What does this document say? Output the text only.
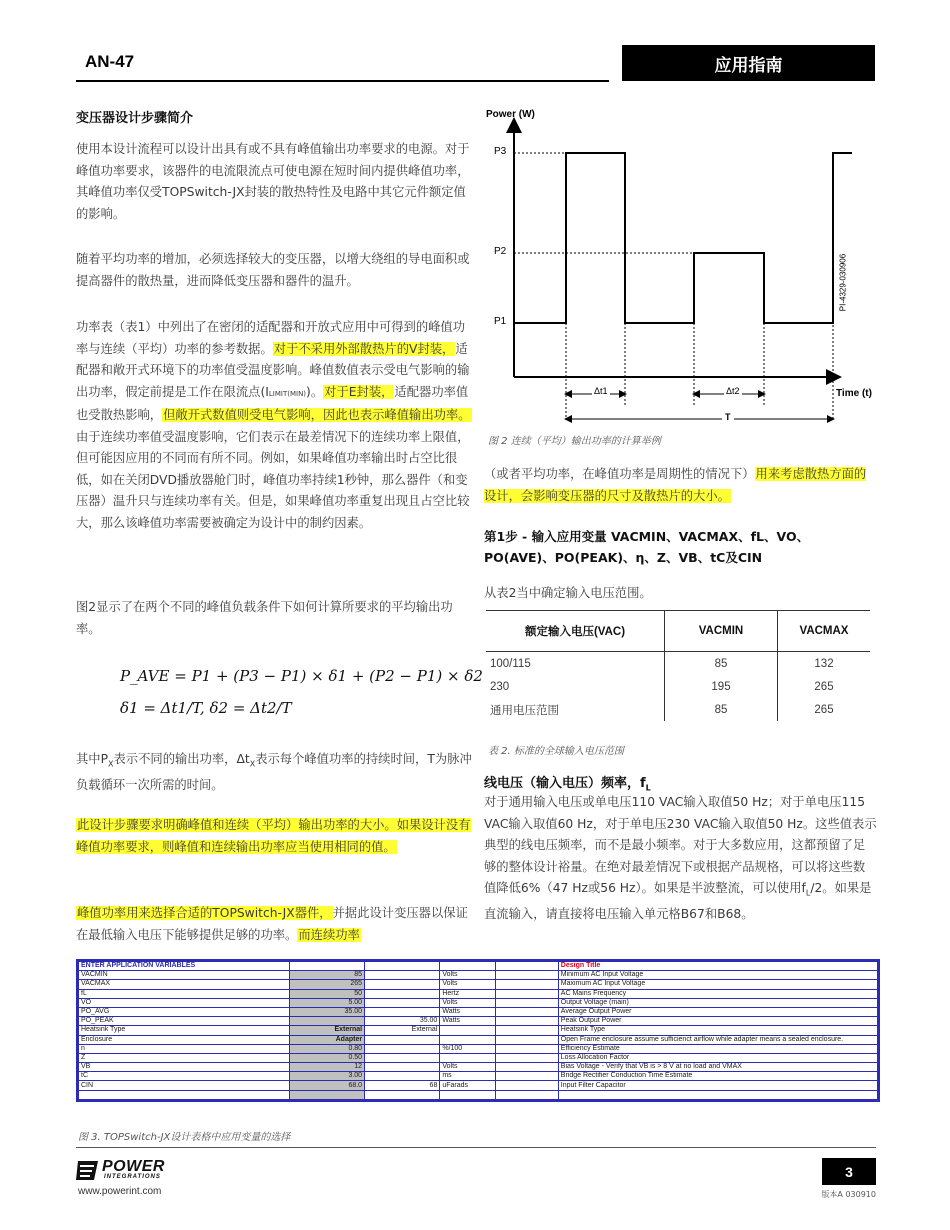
AN-47	应用指南
变压器设计步骤简介
使用本设计流程可以设计出具有或不具有峰值输出功率要求的电源。对于峰值功率要求，该器件的电流限流点可使电源在短时间内提供峰值功率，其峰值功率仅受TOPSwitch-JX封装的散热特性及电路中其它元件额定值的影响。
随着平均功率的增加，必须选择较大的变压器，以增大绕组的导电面积或提高器件的散热量，进而降低变压器和器件的温升。
功率表（表1）中列出了在密闭的适配器和开放式应用中可得到的峰值功率与连续（平均）功率的参考数据。对于不采用外部散热片的V封装，适配器和敞开式环境下的功率值受温度影响。峰值数值表示受电气影响的输出功率，假定前提是工作在限流点(ILIMIT(MIN))。对于E封装，适配器功率值也受散热影响，但敞开式数值则受电气影响，因此也表示峰值输出功率。由于连续功率值受温度影响，它们表示在最差情况下的连续功率上限值，但可能因应用的不同而有所不同。例如，如果峰值功率输出时占空比很低，如在关闭DVD播放器舱门时，峰值功率持续1秒钟，那么器件（和变压器）温升只与连续功率有关。但是，如果峰值功率重复出现且占空比较大，那么该峰值功率需要被确定为设计中的制约因素。
图2显示了在两个不同的峰值负载条件下如何计算所要求的平均输出功率。
P_AVE = P1 + (P3 − P1) × δ1 + (P2 − P1) × δ2
δ1 = Δt1/T, δ2 = Δt2/T
其中$P_X$表示不同的输出功率，$\Delta t_X$表示每个峰值功率的持续时间，T为脉冲负载循环一次所需的时间。
此设计步骤要求明确峰值和连续（平均）输出功率的大小。如果设计没有峰值功率要求，则峰值和连续输出功率应当使用相同的值。
峰值功率用来选择合适的TOPSwitch-JX器件，并据此设计变压器以保证在最低输入电压下能够提供足够的功率。而连续功率
Power (W)
Time (t)
P3
P2
P1
Δt1	Δt2
T
PI-4329-030906
图 2 连续（平均）输出功率的计算举例
（或者平均功率，在峰值功率是周期性的情况下）用来考虑散热方面的设计，会影响变压器的尺寸及散热片的大小。
第1步 - 输入应用变量 VACMIN、VACMAX、fL、VO、PO(AVE)、PO(PEAK)、η、Z、VB、tC及CIN
从表2当中确定输入电压范围。
额定输入电压(VAC)	VACMIN	VACMAX
100/115	85	132
230	195	265
通用电压范围	85	265
表 2. 标准的全球输入电压范围
线电压（输入电压）频率，$f_L$
对于通用输入电压或单电压110 VAC输入取值50 Hz；对于单电压115 VAC输入取值60 Hz，对于单电压230 VAC输入取值50 Hz。这些值表示典型的线电压频率，而不是最小频率。对于大多数应用，这都预留了足够的整体设计裕量。在绝对最差情况下或根据产品规格，可以将这些数值降低6%（47 Hz或56 Hz）。如果是半波整流，可以使用$f_L/2$。如果是直流输入，请直接将电压输入单元格B67和B68。
ENTER APPLICATION VARIABLES					Design Title
VACMIN	85		Volts		Minimum AC Input Voltage
VACMAX	265		Volts		Maximum AC Input Voltage
fL	50		Hertz		AC Mains Frequency
VO	5.00		Volts		Output Voltage (main)
PO_AVG	35.00		Watts		Average Output Power
PO_PEAK		35.00	Watts		Peak Output Power
Heatsink Type	External	External			Heatsink Type
Enclosure	Adapter				Open Frame enclosure assume sufficienct airflow while adapter means a sealed enclosure.
n	0.80		%/100		Efficiency Estimate
Z	0.50				Loss Allocation Factor
VB	12		Volts		Bias Voltage - Verify that VB is > 8 V at no load and VMAX
tC	3.00		ms		Bridge Rectifier Conduction Time Estimate
CIN	68.0	68	uFarads		Input Filter Capacitor

图 3. TOPSwitch-JX设计表格中应用变量的选择
POWER
INTEGRATIONS
www.powerint.com
3
版本A 030910
